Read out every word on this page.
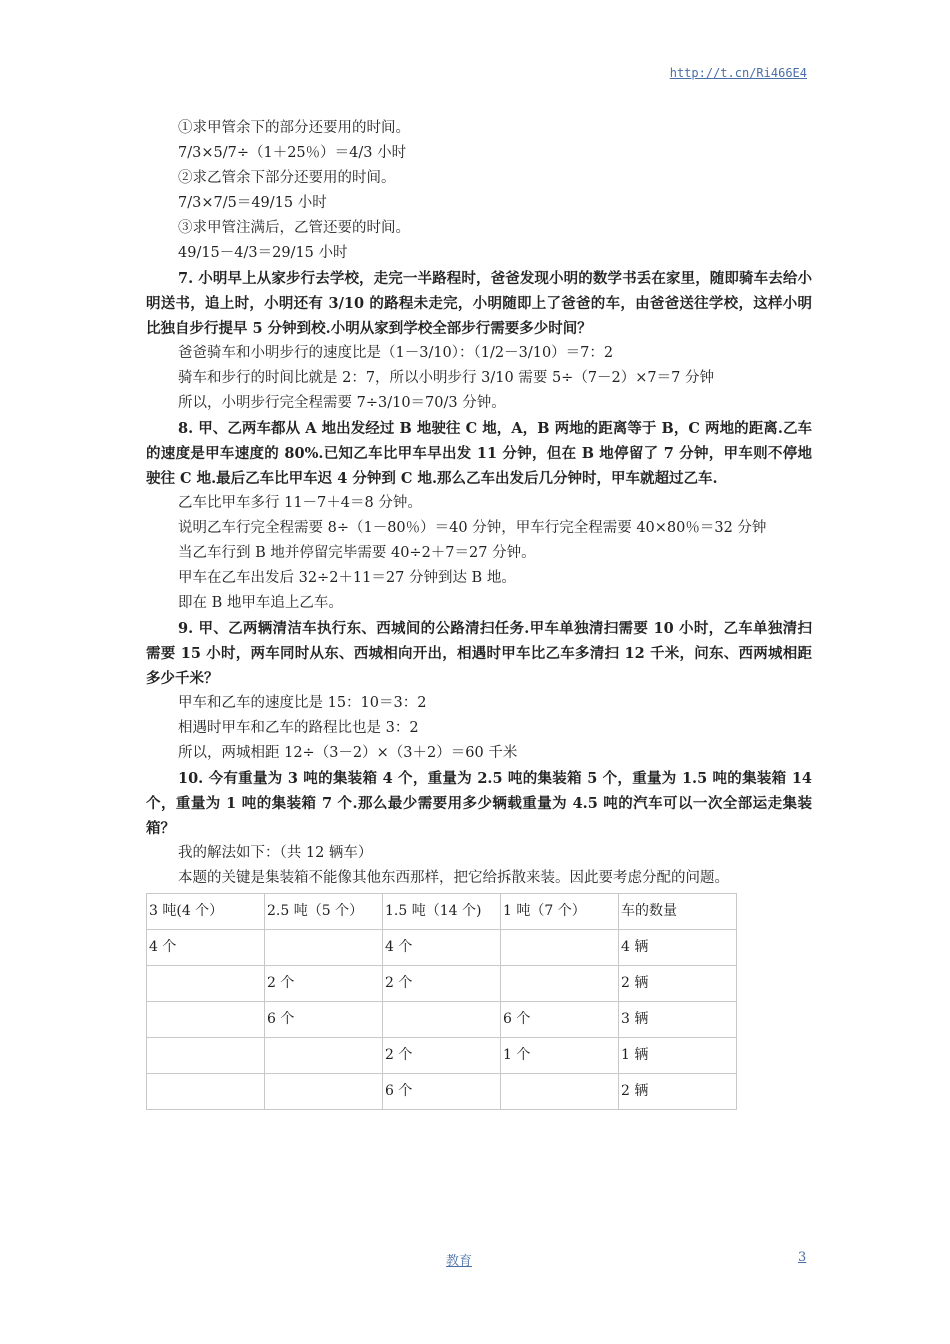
http://t.cn/Ri466E4
①求甲管余下的部分还要用的时间。
7/3×5/7÷（1＋25％）＝4/3 小时
②求乙管余下部分还要用的时间。
7/3×7/5＝49/15 小时
③求甲管注满后，乙管还要的时间。
49/15－4/3＝29/15 小时
7. 小明早上从家步行去学校，走完一半路程时，爸爸发现小明的数学书丢在家里，随即骑车去给小明送书，追上时，小明还有 3/10 的路程未走完，小明随即上了爸爸的车，由爸爸送往学校，这样小明比独自步行提早 5 分钟到校.小明从家到学校全部步行需要多少时间？
爸爸骑车和小明步行的速度比是（1－3/10）：（1/2－3/10）＝7：2
骑车和步行的时间比就是 2：7，所以小明步行 3/10 需要 5÷（7－2）×7＝7 分钟
所以，小明步行完全程需要 7÷3/10＝70/3 分钟。
8. 甲、乙两车都从 A 地出发经过 B 地驶往 C 地，A，B 两地的距离等于 B，C 两地的距离.乙车的速度是甲车速度的 80%.已知乙车比甲车早出发 11 分钟，但在 B 地停留了 7 分钟，甲车则不停地驶往 C 地.最后乙车比甲车迟 4 分钟到 C 地.那么乙车出发后几分钟时，甲车就超过乙车.
乙车比甲车多行 11－7＋4＝8 分钟。
说明乙车行完全程需要 8÷（1－80％）＝40 分钟，甲车行完全程需要 40×80％＝32 分钟
当乙车行到 B 地并停留完毕需要 40÷2＋7＝27 分钟。
甲车在乙车出发后 32÷2＋11＝27 分钟到达 B 地。
即在 B 地甲车追上乙车。
9. 甲、乙两辆清洁车执行东、西城间的公路清扫任务.甲车单独清扫需要 10 小时，乙车单独清扫需要 15 小时，两车同时从东、西城相向开出，相遇时甲车比乙车多清扫 12 千米，问东、西两城相距多少千米？
甲车和乙车的速度比是 15：10＝3：2
相遇时甲车和乙车的路程比也是 3：2
所以，两城相距 12÷（3－2）×（3＋2）＝60 千米
10. 今有重量为 3 吨的集装箱 4 个，重量为 2.5 吨的集装箱 5 个，重量为 1.5 吨的集装箱 14 个，重量为 1 吨的集装箱 7 个.那么最少需要用多少辆载重量为 4.5 吨的汽车可以一次全部运走集装箱？
我的解法如下：（共 12 辆车）
本题的关键是集装箱不能像其他东西那样，把它给拆散来装。因此要考虑分配的问题。
3 吨(4 个）	2.5 吨（5 个）	1.5 吨（14 个)	1 吨（7 个）	车的数量
4 个		4 个		4 辆
	2 个	2 个		2 辆
	6 个		6 个	3 辆
		2 个	1 个	1 辆
		6 个		2 辆
教育	3
